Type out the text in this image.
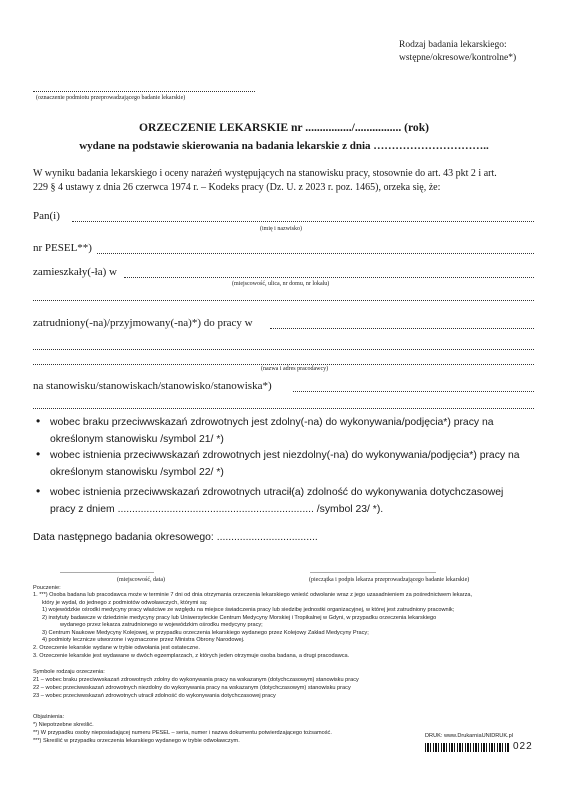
Rodzaj badania lekarskiego:
wstępne/okresowe/kontrolne*)
(oznaczenie podmiotu przeprowadzającego badanie lekarskie)
ORZECZENIE LEKARSKIE nr ................/................ (rok)
wydane na podstawie skierowania na badania lekarskie z dnia …………………………..
W wyniku badania lekarskiego i oceny narażeń występujących na stanowisku pracy, stosownie do art. 43 pkt 2 i art.
229 § 4 ustawy z dnia 26 czerwca 1974 r. – Kodeks pracy (Dz. U. z 2023 r. poz. 1465), orzeka się, że:
Pan(i)
(imię i nazwisko)
nr PESEL**)
zamieszkały(-ła) w
(miejscowość, ulica, nr domu, nr lokalu)
zatrudniony(-na)/przyjmowany(-na)*) do pracy w
(nazwa i adres pracodawcy)
na stanowisku/stanowiskach/stanowisko/stanowiska*)
• wobec braku przeciwwskazań zdrowotnych jest zdolny(-na) do wykonywania/podjęcia*) pracy na
określonym stanowisku /symbol 21/ *)
• wobec istnienia przeciwwskazań zdrowotnych jest niezdolny(-na) do wykonywania/podjęcia*) pracy na
określonym stanowisku /symbol 22/ *)
• wobec istnienia przeciwwskazań zdrowotnych utracił(a) zdolność do wykonywania dotychczasowej
pracy z dniem .................................................................... /symbol 23/ *).
Data następnego badania okresowego: ...................................
...............................................
(miejscowość, data)
...............................................................
(pieczątka i podpis lekarza przeprowadzającego badanie lekarskie)
Pouczenie:
1. ***) Osoba badana lub pracodawca może w terminie 7 dni od dnia otrzymania orzeczenia lekarskiego wnieść odwołanie wraz z jego uzasadnieniem za pośrednictwem lekarza,
który je wydał, do jednego z podmiotów odwoławczych, którymi są:
1) wojewódzkie ośrodki medycyny pracy właściwe ze względu na miejsce świadczenia pracy lub siedzibę jednostki organizacyjnej, w której jest zatrudniony pracownik;
2) instytuty badawcze w dziedzinie medycyny pracy lub Uniwersyteckie Centrum Medycyny Morskiej i Tropikalnej w Gdyni, w przypadku orzeczenia lekarskiego
wydanego przez lekarza zatrudnionego w wojewódzkim ośrodku medycyny pracy;
3) Centrum Naukowe Medycyny Kolejowej, w przypadku orzeczenia lekarskiego wydanego przez Kolejowy Zakład Medycyny Pracy;
4) podmioty lecznicze utworzone i wyznaczone przez Ministra Obrony Narodowej.
2. Orzeczenie lekarskie wydane w trybie odwołania jest ostateczne.
3. Orzeczenie lekarskie jest wydawane w dwóch egzemplarzach, z których jeden otrzymuje osoba badana, a drugi pracodawca.
Symbole rodzaju orzeczenia:
21 – wobec braku przeciwwskazań zdrowotnych zdolny do wykonywania pracy na wskazanym (dotychczasowym) stanowisku pracy
22 – wobec przeciwwskazań zdrowotnych niezdolny do wykonywania pracy na wskazanym (dotychczasowym) stanowisku pracy
23 – wobec przeciwwskazań zdrowotnych utracił zdolność do wykonywania dotychczasowej pracy
Objaśnienia:
*) Niepotrzebne skreślić.
**) W przypadku osoby nieposiadającej numeru PESEL – seria, numer i nazwa dokumentu potwierdzającego tożsamość.
***) Skreślić w przypadku orzeczenia lekarskiego wydanego w trybie odwoławczym.
DRUK: www.DrukarniaUNIDRUK.pl
022
